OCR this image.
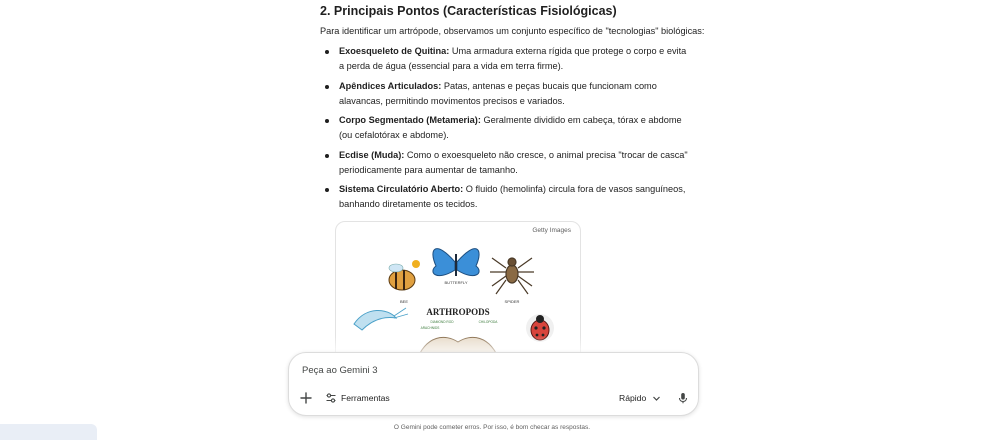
2. Principais Pontos (Características Fisiológicas)
Para identificar um artrópode, observamos um conjunto específico de "tecnologias" biológicas:
Exoesqueleto de Quitina: Uma armadura externa rígida que protege o corpo e evita a perda de água (essencial para a vida em terra firme).
Apêndices Articulados: Patas, antenas e peças bucais que funcionam como alavancas, permitindo movimentos precisos e variados.
Corpo Segmentado (Metameria): Geralmente dividido em cabeça, tórax e abdome (ou cefalotórax e abdome).
Ecdise (Muda): Como o exoesqueleto não cresce, o animal precisa "trocar de casca" periodicamente para aumentar de tamanho.
Sistema Circulatório Aberto: O fluido (hemolinfa) circula fora de vasos sanguíneos, banhando diretamente os tecidos.
Getty Images
BUTTERFLY
BEE	SPIDER
ARTHROPODS
DIAMOND ROD
ARACHNIDS
CHILOPODA
Peça ao Gemini 3
Ferramentas	Rápido
O Gemini pode cometer erros. Por isso, é bom checar as respostas.
